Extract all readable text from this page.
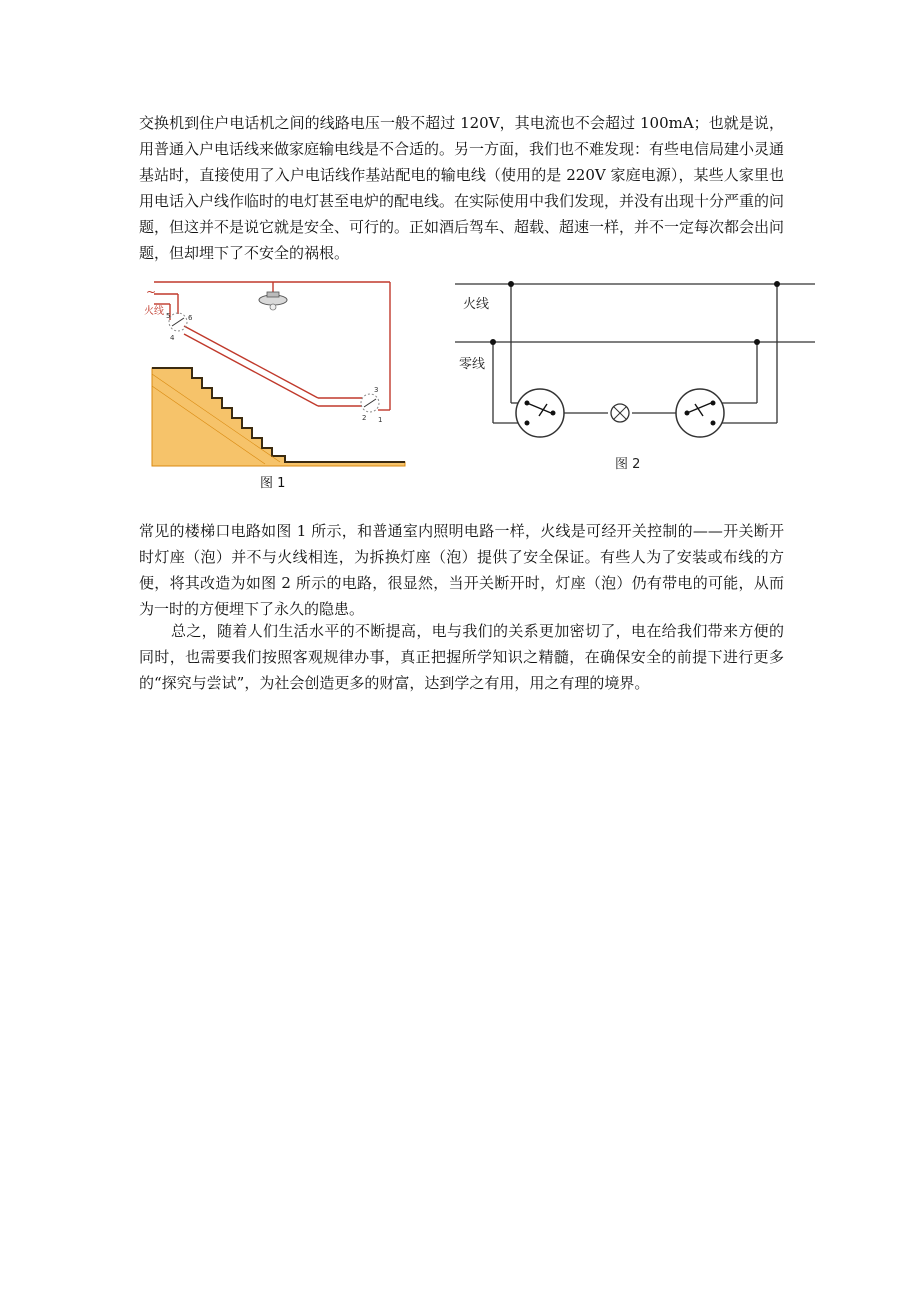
交换机到住户电话机之间的线路电压一般不超过 120V，其电流也不会超过 100mA；也就是说，用普通入户电话线来做家庭输电线是不合适的。另一方面，我们也不难发现：有些电信局建小灵通基站时，直接使用了入户电话线作基站配电的输电线（使用的是 220V 家庭电源），某些人家里也用电话入户线作临时的电灯甚至电炉的配电线。在实际使用中我们发现，并没有出现十分严重的问题，但这并不是说它就是安全、可行的。正如酒后驾车、超载、超速一样，并不一定每次都会出问题，但却埋下了不安全的祸根。

~
火线
1
2
3
4
5	6
图 1
火线
零线
图 2

常见的楼梯口电路如图 1 所示，和普通室内照明电路一样，火线是可经开关控制的——开关断开时灯座（泡）并不与火线相连，为拆换灯座（泡）提供了安全保证。有些人为了安装或布线的方便，将其改造为如图 2 所示的电路，很显然，当开关断开时，灯座（泡）仍有带电的可能，从而为一时的方便埋下了永久的隐患。

总之，随着人们生活水平的不断提高，电与我们的关系更加密切了，电在给我们带来方便的同时，也需要我们按照客观规律办事，真正把握所学知识之精髓，在确保安全的前提下进行更多的“探究与尝试”，为社会创造更多的财富，达到学之有用，用之有理的境界。
